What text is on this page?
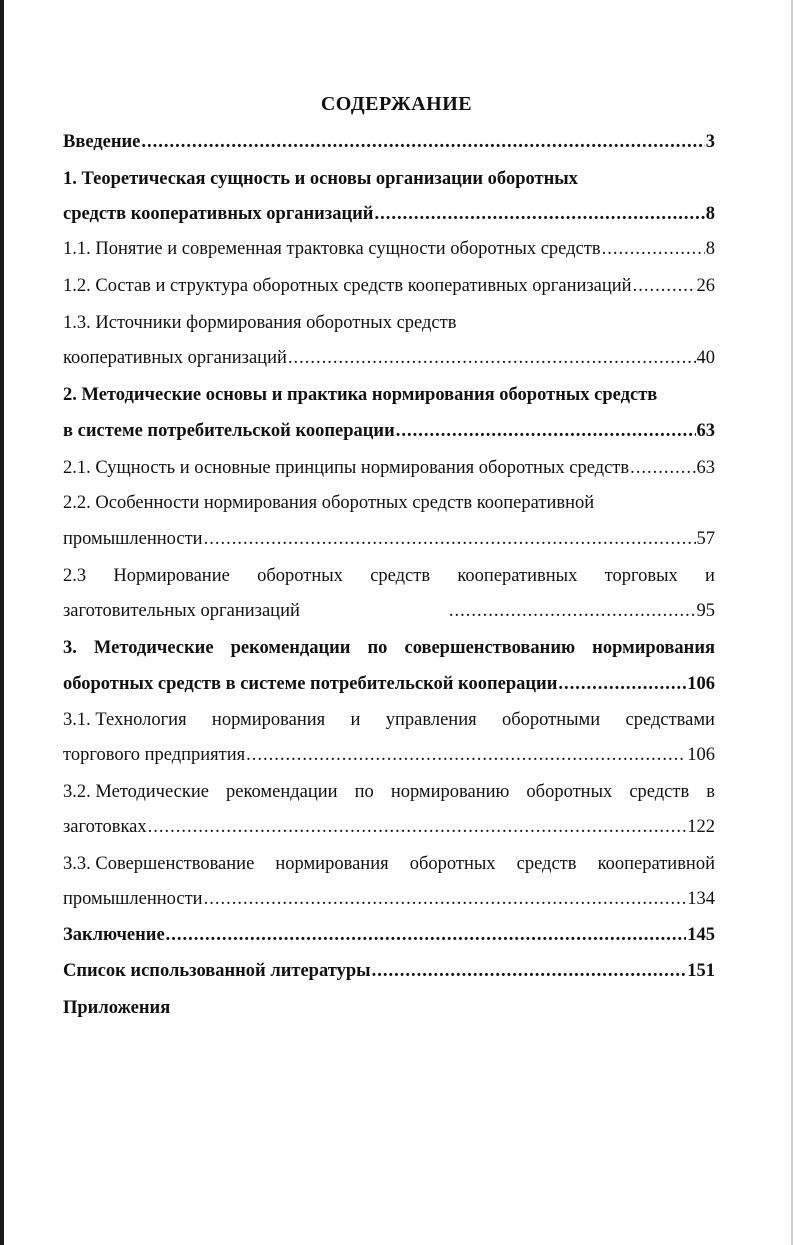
СОДЕРЖАНИЕ
Введение .....	3
1. Теоретическая сущность и основы организации оборотных
средств кооперативных организаций .....	8
1.1. Понятие и современная трактовка сущности оборотных средств .....	8
1.2. Состав и структура оборотных средств кооперативных организаций .....	26
1.3. Источники формирования оборотных средств
кооперативных организаций .....	40
2. Методические основы и практика нормирования оборотных средств
в системе потребительской кооперации .....	63
2.1. Сущность и основные принципы нормирования оборотных средств .....	63
2.2. Особенности нормирования оборотных средств кооперативной
промышленности .....	57
2.3 Нормирование оборотных средств кооперативных торговых и
заготовительных организаций .....	95
3. Методические рекомендации по совершенствованию нормирования
оборотных средств в системе потребительской кооперации .....	106
3.1. Технология нормирования и управления оборотными средствами
торгового предприятия .....	106
3.2. Методические рекомендации по нормированию оборотных средств в
заготовках .....	122
3.3. Совершенствование нормирования оборотных средств кооперативной
промышленности .....	134
Заключение .....	145
Список использованной литературы .....	151
Приложения
